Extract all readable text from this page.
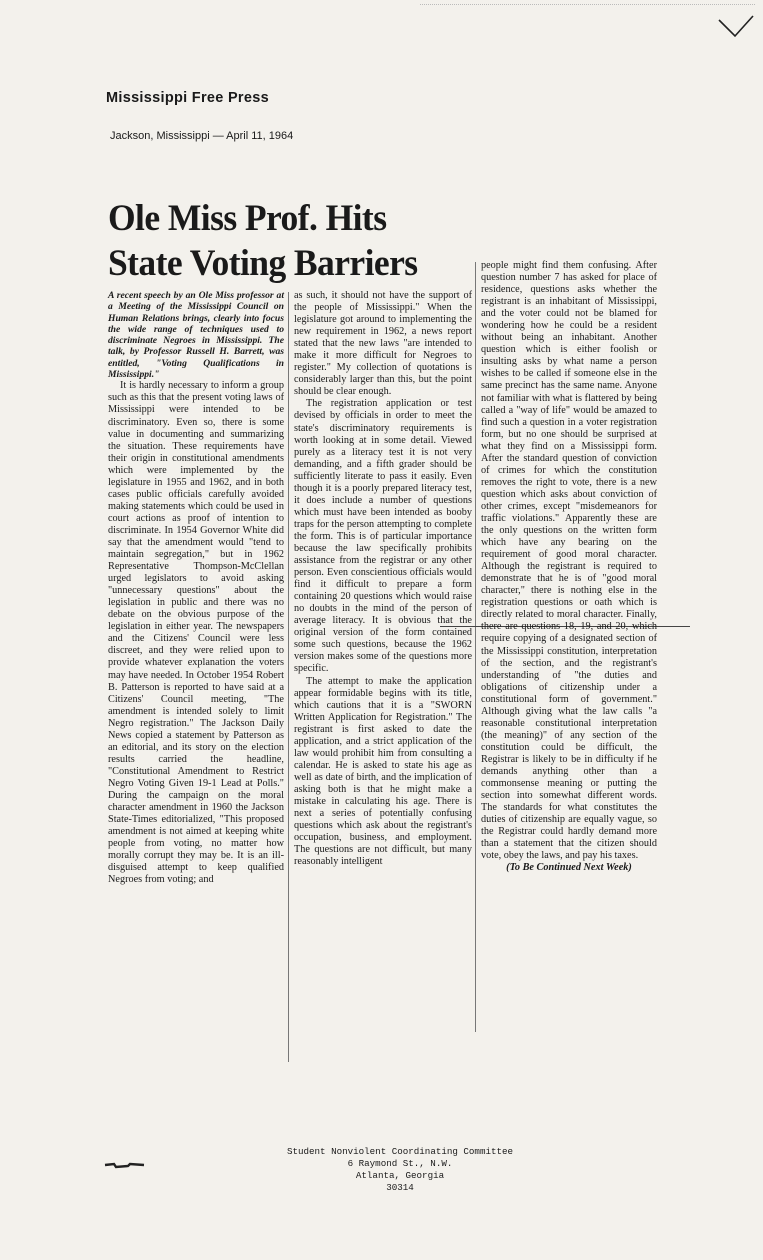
Mississippi Free Press
Jackson, Mississippi — April 11, 1964
Ole Miss Prof. Hits
State Voting Barriers

A recent speech by an Ole Miss professor at a Meeting of the Mississippi Council on Human Relations brings, clearly into focus the wide range of techniques used to discriminate Negroes in Mississippi. The talk, by Professor Russell H. Barrett, was entitled, "Voting Qualifications in Mississippi."

It is hardly necessary to inform a group such as this that the present voting laws of Mississippi were intended to be discriminatory. Even so, there is some value in documenting and summarizing the situation. These requirements have their origin in constitutional amendments which were implemented by the legislature in 1955 and 1962, and in both cases public officials carefully avoided making statements which could be used in court actions as proof of intention to discriminate. In 1954 Governor White did say that the amendment would "tend to maintain segregation," but in 1962 Representative Thompson-McClellan urged legislators to avoid asking "unnecessary questions" about the legislation in public and there was no debate on the obvious purpose of the legislation in either year. The newspapers and the Citizens' Council were less discreet, and they were relied upon to provide whatever explanation the voters may have needed. In October 1954 Robert B. Patterson is reported to have said at a Citizens' Council meeting, "The amendment is intended solely to limit Negro registration." The Jackson Daily News copied a statement by Patterson as an editorial, and its story on the election results carried the headline, "Constitutional Amendment to Restrict Negro Voting Given 19-1 Lead at Polls." During the campaign on the moral character amendment in 1960 the Jackson State-Times editorialized, "This proposed amendment is not aimed at keeping white people from voting, no matter how morally corrupt they may be. It is an ill-disguised attempt to keep qualified Negroes from voting; and

as such, it should not have the support of the people of Mississippi." When the legislature got around to implementing the new requirement in 1962, a news report stated that the new laws "are intended to make it more difficult for Negroes to register." My collection of quotations is considerably larger than this, but the point should be clear enough.

The registration application or test devised by officials in order to meet the state's discriminatory requirements is worth looking at in some detail. Viewed purely as a literacy test it is not very demanding, and a fifth grader should be sufficiently literate to pass it easily. Even though it is a poorly prepared literacy test, it does include a number of questions which must have been intended as booby traps for the person attempting to complete the form. This is of particular importance because the law specifically prohibits assistance from the registrar or any other person. Even conscientious officials would find it difficult to prepare a form containing 20 questions which would raise no doubts in the mind of the person of average literacy. It is obvious that the original version of the form contained some such questions, because the 1962 version makes some of the questions more specific.

The attempt to make the application appear formidable begins with its title, which cautions that it is a "SWORN Written Application for Registration." The registrant is first asked to date the application, and a strict application of the law would prohibit him from consulting a calendar. He is asked to state his age as well as date of birth, and the implication of asking both is that he might make a mistake in calculating his age. There is next a series of potentially confusing questions which ask about the registrant's occupation, business, and employment. The questions are not difficult, but many reasonably intelligent

people might find them confusing. After question number 7 has asked for place of residence, questions asks whether the registrant is an inhabitant of Mississippi, and the voter could not be blamed for wondering how he could be a resident without being an inhabitant. Another question which is either foolish or insulting asks by what name a person wishes to be called if someone else in the same precinct has the same name. Anyone not familiar with what is flattered by being called a "way of life" would be amazed to find such a question in a voter registration form, but no one should be surprised at what they find on a Mississippi form. After the standard question of conviction of crimes for which the constitution removes the right to vote, there is a new question which asks about conviction of other crimes, except "misdemeanors for traffic violations." Apparently these are the only questions on the written form which have any bearing on the requirement of good moral character. Although the registrant is required to demonstrate that he is of "good moral character," there is nothing else in the registration questions or oath which is directly related to moral character. Finally, there are questions 18, 19, and 20, which require copying of a designated section of the Mississippi constitution, interpretation of the section, and the registrant's understanding of "the duties and obligations of citizenship under a constitutional form of government." Although giving what the law calls "a reasonable constitutional interpretation (the meaning)" of any section of the constitution could be difficult, the Registrar is likely to be in difficulty if he demands anything other than a commonsense meaning or putting the section into somewhat different words. The standards for what constitutes the duties of citizenship are equally vague, so the Registrar could hardly demand more than a statement that the citizen should vote, obey the laws, and pay his taxes.

(To Be Continued Next Week)

Student Nonviolent Coordinating Committee
6 Raymond St., N.W.
Atlanta, Georgia
30314
